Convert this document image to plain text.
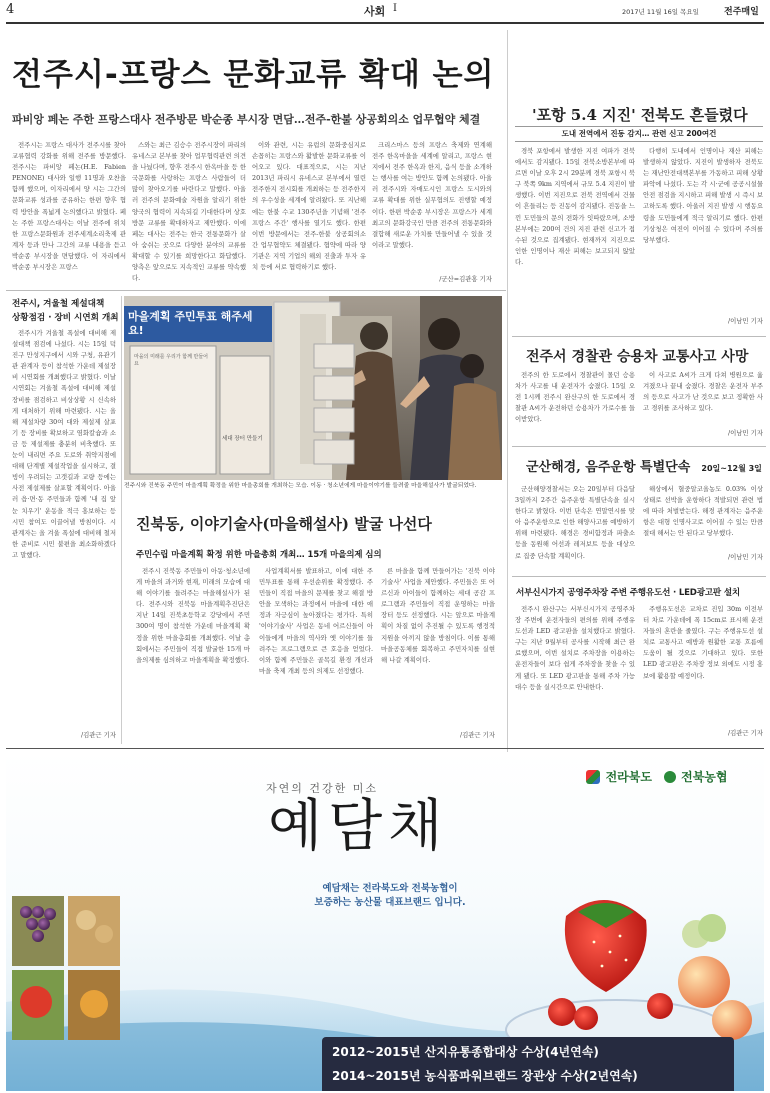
4	사회 I	2017년 11월 16일 목요일	전주매일
전주시-프랑스 문화교류 확대 논의
파비앙 페논 주한 프랑스대사 전주방문 박순종 부시장 면담…전주-한불 상공회의소 업무협약 체결

전주시는 프랑스 대사가 전주시를 찾아 교류협력 강화를 위해 전주를 방문했다. 전주시는 파비앙 페논(H.E. Fabien PENONE) 대사와 일행 11명과 오찬을 함께 했으며, 이자리에서 양 시는 그간의 문화교류 성과를 공유하는 한편 향후 협력 방안을 폭넓게 논의했다고 밝혔다. 페논 주한 프랑스대사는 이날 전주에 위치한 프랑스문화원과 전주세계소리축제 관계자 등과 만나 그간의 교류 내용을 듣고 박순종 부시장을 면담했다. 이 자리에서 박순종 부시장은 프랑스

스와는 최근 김승수 전주시장이 파리의 유네스코 본부를 찾아 업무협력관련 의견을 나눴다며, 향후 전주시 한옥마을 등 한국문화를 사랑하는 프랑스 사람들이 더 많이 찾아오기를 바란다고 말했다. 아울러 전주의 문화예술 자원을 알리기 위한 양국의 협력이 지속되길 기대한다며 상호 방문 교류를 확대하자고 제안했다. 이에 페논 대사는 전주는 한국 전통문화가 살아 숨쉬는 곳으로 다양한 분야의 교류를 확대할 수 있기를 희망한다고 화답했다. 양측은 앞으로도 지속적인 교류를 약속했다.

이와 관련, 시는 유럽의 문화중심지로 손꼽히는 프랑스와 활발한 문화교류를 이어오고 있다. 대표적으로, 시는 지난 2013년 파리시 유네스코 본부에서 열린 전주한지 전시회를 개최하는 등 전주한지의 우수성을 세계에 알려왔다. 또 지난해에는 한불 수교 130주년을 기념해 '전주 프랑스 주간' 행사를 열기도 했다. 한편 이번 방문에서는 전주-한불 상공회의소 간 업무협약도 체결됐다. 협약에 따라 양 기관은 지역 기업의 해외 진출과 투자 유치 등에 서로 협력하기로 했다.

크리스마스 등의 프랑스 축제와 연계해 전주 한옥마을을 세계에 알리고, 프랑스 현지에서 전주 한옥과 한지, 음식 등을 소개하는 행사를 여는 방안도 함께 논의됐다. 아울러 전주시와 자매도시인 프랑스 도시와의 교류 확대를 위한 실무협의도 진행할 예정이다. 한편 박순종 부시장은 프랑스가 세계 최고의 문화강국인 만큼 전주의 전통문화와 결합해 새로운 가치를 만들어낼 수 있을 것이라고 말했다.

/군산=김관홍 기자
'포항 5.4 지진' 전북도 흔들렸다
도내 전역에서 진동 감지… 관련 신고 200여건

경북 포항에서 발생한 지진 여파가 전북에서도 감지됐다. 15일 전북소방본부에 따르면 이날 오후 2시 29분께 경북 포항시 북구 북쪽 9km 지역에서 규모 5.4 지진이 발생했다. 이번 지진으로 전북 전역에서 건물이 흔들리는 등 진동이 감지됐다. 진동을 느낀 도민들의 문의 전화가 잇따랐으며, 소방본부에는 200여 건의 지진 관련 신고가 접수된 것으로 집계됐다. 현재까지 지진으로 인한 인명이나 재산 피해는 보고되지 않았다.

다행히 도내에서 인명이나 재산 피해는 발생하지 않았다. 지진이 발생하자 전북도는 재난안전대책본부를 가동하고 피해 상황 파악에 나섰다. 도는 각 시·군에 공공시설물 안전 점검을 지시하고 피해 발생 시 즉시 보고하도록 했다. 아울러 지진 발생 시 행동요령을 도민들에게 적극 알리기로 했다. 한편 기상청은 여진이 이어질 수 있다며 주의를 당부했다.

/이남민 기자
전주서 경찰관 승용차 교통사고 사망

전주의 한 도로에서 경찰관이 몰던 승용차가 사고를 내 운전자가 숨졌다. 15일 오전 1시께 전주시 완산구의 한 도로에서 경찰관 A씨가 운전하던 승용차가 가로수를 들이받았다.

이 사고로 A씨가 크게 다쳐 병원으로 옮겨졌으나 끝내 숨졌다. 경찰은 운전자 부주의 등으로 사고가 난 것으로 보고 정확한 사고 경위를 조사하고 있다.

/이남민 기자
군산해경, 음주운항 특별단속 20일~12월 3일

군산해양경찰서는 오는 20일부터 다음달 3일까지 2주간 음주운항 특별단속을 실시한다고 밝혔다. 이번 단속은 연말연시를 맞아 음주운항으로 인한 해양사고를 예방하기 위해 마련됐다. 해경은 경비함정과 파출소 등을 동원해 어선과 레저보트 등을 대상으로 집중 단속할 계획이다.

해상에서 혈중알코올농도 0.03% 이상 상태로 선박을 운항하다 적발되면 관련 법에 따라 처벌받는다. 해경 관계자는 음주운항은 대형 인명사고로 이어질 수 있는 만큼 절대 해서는 안 된다고 당부했다.

/이남민 기자
서부신시가지 공영주차장 주변 주행유도선 · LED광고판 설치

전주시 완산구는 서부신시가지 공영주차장 주변에 운전자들의 편의를 위해 주행유도선과 LED 광고판을 설치했다고 밝혔다. 구는 지난 9월부터 공사를 시작해 최근 완료했으며, 이번 설치로 주차장을 이용하는 운전자들이 보다 쉽게 주차장을 찾을 수 있게 됐다. 또 LED 광고판을 통해 주차 가능 대수 등을 실시간으로 안내한다.

주행유도선은 교차로 진입 30m 이전부터 차로 가운데에 폭 15cm로 표시해 운전자들의 혼란을 줄였다. 구는 주행유도선 설치로 교통사고 예방과 원활한 교통 흐름에 도움이 될 것으로 기대하고 있다. 또한 LED 광고판은 주차장 정보 외에도 시정 홍보에 활용할 예정이다.

/김관근 기자
전주시, 겨울철 제설대책
상황점검 · 장비 시연회 개최

전주시가 겨울철 폭설에 대비해 제설대책 점검에 나섰다. 시는 15일 덕진구 만성지구에서 시와 구청, 유관기관 관계자 등이 참석한 가운데 제설장비 시연회를 개최했다고 밝혔다. 이날 시연회는 겨울철 폭설에 대비해 제설장비를 점검하고 비상상황 시 신속하게 대처하기 위해 마련됐다. 시는 올해 제설차량 30여 대와 제설제 살포기 등 장비를 확보하고 염화칼슘과 소금 등 제설제를 충분히 비축했다. 또 눈이 내리면 주요 도로와 취약지점에 대해 단계별 제설작업을 실시하고, 결빙이 우려되는 고갯길과 교량 등에는 사전 제설제를 살포할 계획이다. 아울러 읍·면·동 주민들과 함께 '내 집 앞 눈 치우기' 운동을 적극 홍보하는 등 시민 참여도 이끌어낼 방침이다. 시 관계자는 올 겨울 폭설에 대비해 철저한 준비로 시민 불편을 최소화하겠다고 말했다.

/김관근 기자
마을계획 주민투표 해주세요!
마을의 미래를 우리가 함께 만들어요
세대 장터 만들기
전주시와 진북동 주민이 마을계획 확정을 위한 마을총회를 개최하는 모습. 이동 · 청소년에게 마을이야기를 들려줄 마을해설사가 발굴되었다.
진북동, 이야기술사(마을해설사) 발굴 나선다
주민수립 마을계획 확정 위한 마을총회 개최… 15개 마을의제 심의

전주시 진북동 주민들이 아동·청소년에게 마을의 과거와 현재, 미래의 모습에 대해 이야기를 들려주는 마을해설사가 된다. 전주시와 진북동 마을계획추진단은 지난 14일 진북초등학교 강당에서 주민 300여 명이 참석한 가운데 마을계획 확정을 위한 마을총회를 개최했다. 이날 총회에서는 주민들이 직접 발굴한 15개 마을의제를 심의하고 마을계획을 확정했다.

사업계획서를 발표하고, 이에 대한 주민투표를 통해 우선순위를 확정했다. 주민들이 직접 마을의 문제를 찾고 해결 방안을 모색하는 과정에서 마을에 대한 애정과 자긍심이 높아졌다는 평가다. 특히 '이야기술사' 사업은 동네 어르신들이 아이들에게 마을의 역사와 옛 이야기를 들려주는 프로그램으로 큰 호응을 얻었다. 이와 함께 주민들은 골목길 환경 개선과 마을 축제 개최 등의 의제도 선정했다.

른 마을을 함께 만들어가는 '진북 이야기술사' 사업을 제안했다. 주민들은 또 어르신과 아이들이 함께하는 세대 공감 프로그램과 주민들이 직접 운영하는 마을 장터 등도 선정했다. 시는 앞으로 마을계획이 차질 없이 추진될 수 있도록 행정적 지원을 아끼지 않을 방침이다. 이를 통해 마을공동체를 회복하고 주민자치를 실현해 나갈 계획이다.

/김관근 기자
전라북도 전북농협
자연의 건강한 미소
예담채
예담채는 전라북도와 전북농협이
보증하는 농산물 대표브랜드 입니다.
2012~2015년 산지유통종합대상 수상(4년연속)
2014~2015년 농식품파워브랜드 장관상 수상(2년연속)
